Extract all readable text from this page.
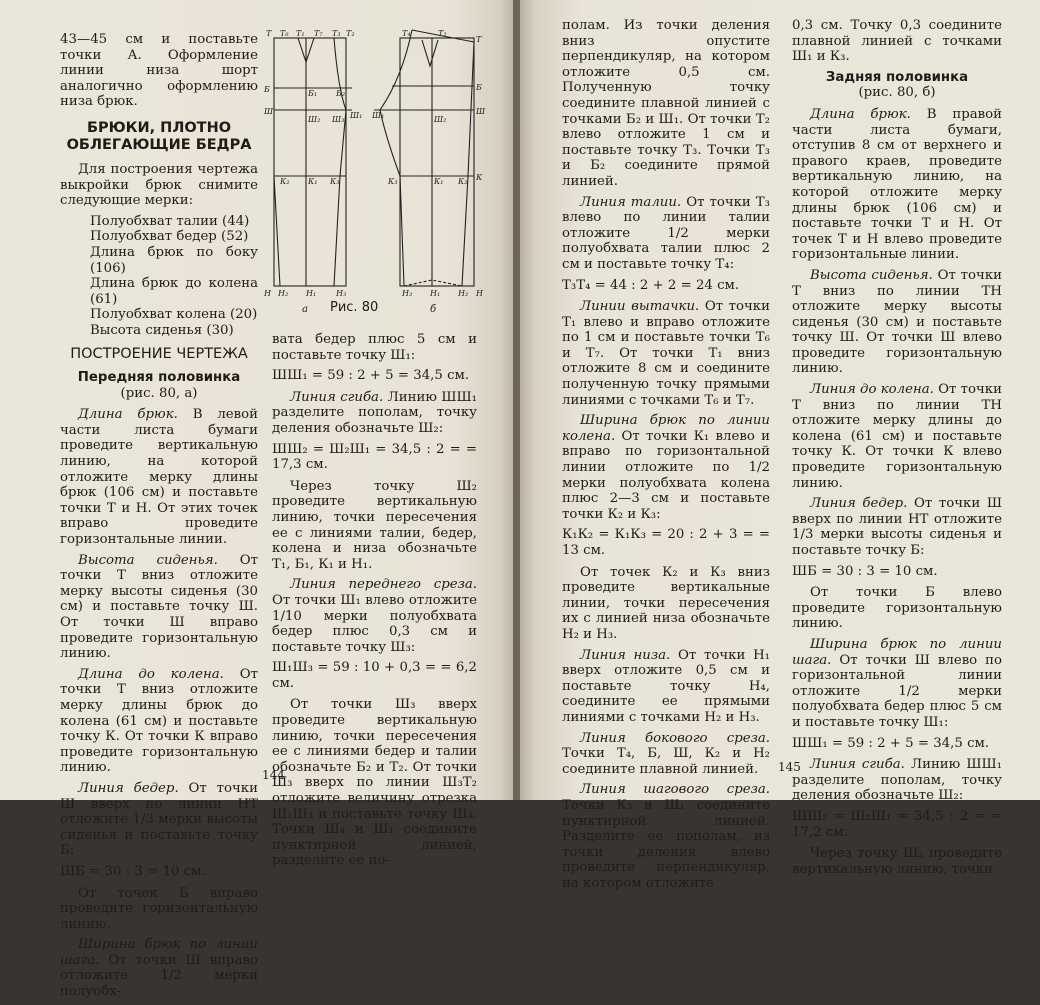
43—45 см и поставьте точки А. Оформление линии низа шорт аналогично оформлению низа брюк.

БРЮКИ, ПЛОТНО ОБЛЕГАЮЩИЕ БЕДРА

Для построения чертежа выкройки брюк снимите следующие мерки:

Полуобхват талии (44)
Полуобхват бедер (52)
Длина брюк по боку (106)
Длина брюк до колена (61)
Полуобхват колена (20)
Высота сиденья (30)
ПОСТРОЕНИЕ ЧЕРТЕЖА
Передняя половинка
(рис. 80, а)

Длина брюк. В левой части листа бумаги проведите вертикальную линию, на которой отложите мерку длины брюк (106 см) и поставьте точки Т и Н. От этих точек вправо проведите горизонтальные линии.

Высота сиденья. От точки Т вниз отложите мерку высоты сиденья (30 см) и поставьте точку Ш. От точки Ш вправо проведите горизонтальную линию.

Длина до колена. От точки Т вниз отложите мерку длины брюк до колена (61 см) и поставьте точку К. От точки К вправо проведите горизонтальную линию.

Линия бедер. От точки Ш вверх по линии НТ отложите 1/3 мерки высоты сиденья и поставьте точку Б:

ШБ = 30 : 3 = 10 см.

От точек Б вправо проведите горизонтальную линию.

Ширина брюк по линии шага. От точки Ш вправо отложите 1/2 мерки полуобх-

Т Т₆ Т₁ Т₇ Т₃ Т₂
Б	Б₁ Б₂
Ш
Ш₂ Ш₃ Ш₁
К₂ К₁ К₃
Н Н₂ Н₁ Н₃
Т₄	Т₂
Т
Б
Ш
К
Н
Ш₁	Ш₂
К₃	К₁ К₂
Н₃ Н₁ Н₂
а	б
Рис. 80

вата бедер плюс 5 см и поставьте точку Ш₁:

ШШ₁ = 59 : 2 + 5 = 34,5 см.

Линия сгиба. Линию ШШ₁ разделите пополам, точку деления обозначьте Ш₂:

ШШ₂ = Ш₂Ш₁ = 34,5 : 2 = = 17,3 см.

Через точку Ш₂ проведите вертикальную линию, точки пересечения ее с линиями талии, бедер, колена и низа обозначьте Т₁, Б₁, К₁ и Н₁.

Линия переднего среза. От точки Ш₁ влево отложите 1/10 мерки полуобхвата бедер плюс 0,3 см и поставьте точку Ш₃:

Ш₁Ш₃ = 59 : 10 + 0,3 = = 6,2 см.

От точки Ш₃ вверх проведите вертикальную линию, точки пересечения ее с линиями бедер и талии обозначьте Б₂ и Т₂. От точки Ш₃ вверх по линии Ш₃Т₂ отложите величину отрезка Ш₁Ш₃ и поставьте точку Ш₄. Точки Ш₄ и Ш₁ соедините пунктирной линией, разделите ее по-

144

полам. Из точки деления вниз опустите перпендикуляр, на котором отложите 0,5 см. Полученную точку соедините плавной линией с точками Б₂ и Ш₁. От точки Т₂ влево отложите 1 см и поставьте точку Т₃. Точки Т₃ и Б₂ соедините прямой линией.

Линия талии. От точки Т₃ влево по линии талии отложите 1/2 мерки полуобхвата талии плюс 2 см и поставьте точку Т₄:

Т₃Т₄ = 44 : 2 + 2 = 24 см.

Линии вытачки. От точки Т₁ влево и вправо отложите по 1 см и поставьте точки Т₆ и Т₇. От точки Т₁ вниз отложите 8 см и соедините полученную точку прямыми линиями с точками Т₆ и Т₇.

Ширина брюк по линии колена. От точки К₁ влево и вправо по горизонтальной линии отложите по 1/2 мерки полуобхвата колена плюс 2—3 см и поставьте точки К₂ и К₃:

К₁К₂ = К₁К₃ = 20 : 2 + 3 = = 13 см.

От точек К₂ и К₃ вниз проведите вертикальные линии, точки пересечения их с линией низа обозначьте Н₂ и Н₃.

Линия низа. От точки Н₁ вверх отложите 0,5 см и поставьте точку Н₄, соедините ее прямыми линиями с точками Н₂ и Н₃.

Линия бокового среза. Точки Т₄, Б, Ш, К₂ и Н₂ соедините плавной линией.

Линия шагового среза. Точки К₃ и Ш₁ соедините пунктирной линией. Разделите ее пополам, из точки деления влево проведите перпендикуляр, на котором отложите

0,3 см. Точку 0,3 соедините плавной линией с точками Ш₁ и К₃.

Задняя половинка
(рис. 80, б)

Длина брюк. В правой части листа бумаги, отступив 8 см от верхнего и правого краев, проведите вертикальную линию, на которой отложите мерку длины брюк (106 см) и поставьте точки Т и Н. От точек Т и Н влево проведите горизонтальные линии.

Высота сиденья. От точки Т вниз по линии ТН отложите мерку высоты сиденья (30 см) и поставьте точку Ш. От точки Ш влево проведите горизонтальную линию.

Линия до колена. От точки Т вниз по линии ТН отложите мерку длины до колена (61 см) и поставьте точку К. От точки К влево проведите горизонтальную линию.

Линия бедер. От точки Ш вверх по линии НТ отложите 1/3 мерки высоты сиденья и поставьте точку Б:

ШБ = 30 : 3 = 10 см.

От точки Б влево проведите горизонтальную линию.

Ширина брюк по линии шага. От точки Ш влево по горизонтальной линии отложите 1/2 мерки полуобхвата бедер плюс 5 см и поставьте точку Ш₁:

ШШ₁ = 59 : 2 + 5 = 34,5 см.

Линия сгиба. Линию ШШ₁ разделите пополам, точку деления обозначьте Ш₂:

ШШ₂ = Ш₂Ш₁ = 34,5 : 2 = = 17,2 см.

Через точку Ш₂ проведите вертикальную линию, точки

145
